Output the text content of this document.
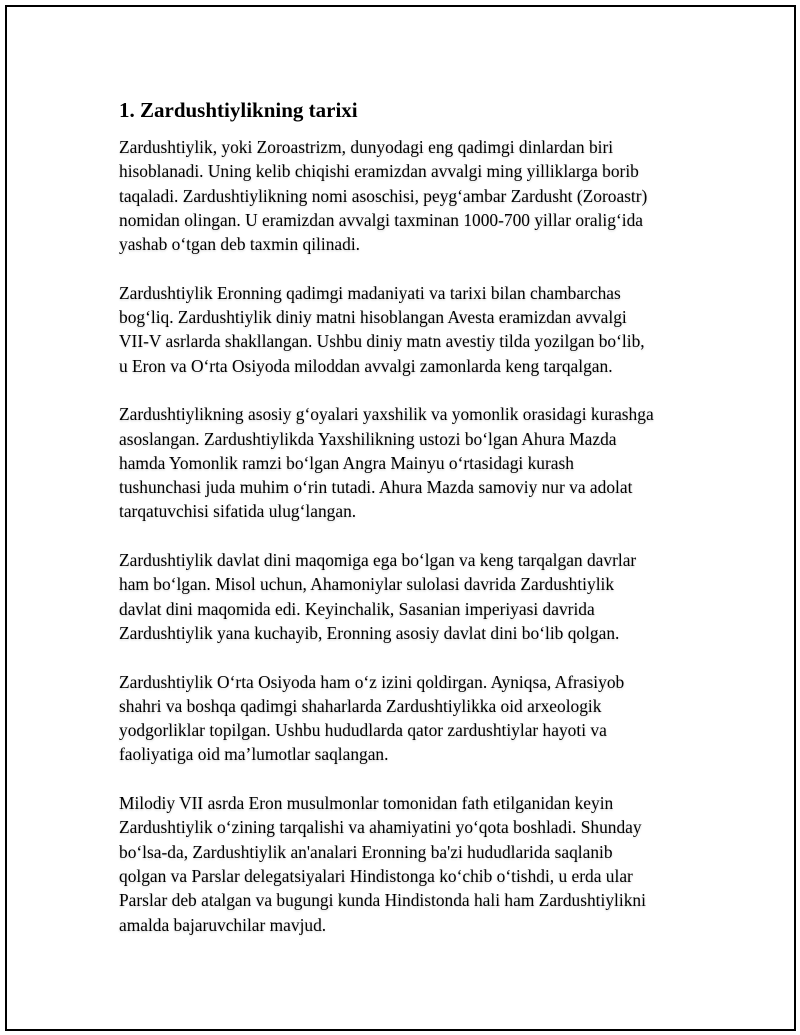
1. Zardushtiylikning tarixi

Zardushtiylik, yoki Zoroastrizm, dunyodagi eng qadimgi dinlardan biri
hisoblanadi. Uning kelib chiqishi eramizdan avvalgi ming yilliklarga borib
taqaladi. Zardushtiylikning nomi asoschisi, peyg‘ambar Zardusht (Zoroastr)
nomidan olingan. U eramizdan avvalgi taxminan 1000-700 yillar oralig‘ida
yashab o‘tgan deb taxmin qilinadi.

Zardushtiylik Eronning qadimgi madaniyati va tarixi bilan chambarchas
bog‘liq. Zardushtiylik diniy matni hisoblangan Avesta eramizdan avvalgi
VII-V asrlarda shakllangan. Ushbu diniy matn avestiy tilda yozilgan bo‘lib,
u Eron va O‘rta Osiyoda miloddan avvalgi zamonlarda keng tarqalgan.

Zardushtiylikning asosiy g‘oyalari yaxshilik va yomonlik orasidagi kurashga
asoslangan. Zardushtiylikda Yaxshilikning ustozi bo‘lgan Ahura Mazda
hamda Yomonlik ramzi bo‘lgan Angra Mainyu o‘rtasidagi kurash
tushunchasi juda muhim o‘rin tutadi. Ahura Mazda samoviy nur va adolat
tarqatuvchisi sifatida ulug‘langan.

Zardushtiylik davlat dini maqomiga ega bo‘lgan va keng tarqalgan davrlar
ham bo‘lgan. Misol uchun, Ahamoniylar sulolasi davrida Zardushtiylik
davlat dini maqomida edi. Keyinchalik, Sasanian imperiyasi davrida
Zardushtiylik yana kuchayib, Eronning asosiy davlat dini bo‘lib qolgan.

Zardushtiylik O‘rta Osiyoda ham o‘z izini qoldirgan. Ayniqsa, Afrasiyob
shahri va boshqa qadimgi shaharlarda Zardushtiylikka oid arxeologik
yodgorliklar topilgan. Ushbu hududlarda qator zardushtiylar hayoti va
faoliyatiga oid ma’lumotlar saqlangan.

Milodiy VII asrda Eron musulmonlar tomonidan fath etilganidan keyin
Zardushtiylik o‘zining tarqalishi va ahamiyatini yo‘qota boshladi. Shunday
bo‘lsa-da, Zardushtiylik an'analari Eronning ba'zi hududlarida saqlanib
qolgan va Parslar delegatsiyalari Hindistonga ko‘chib o‘tishdi, u erda ular
Parslar deb atalgan va bugungi kunda Hindistonda hali ham Zardushtiylikni
amalda bajaruvchilar mavjud.
